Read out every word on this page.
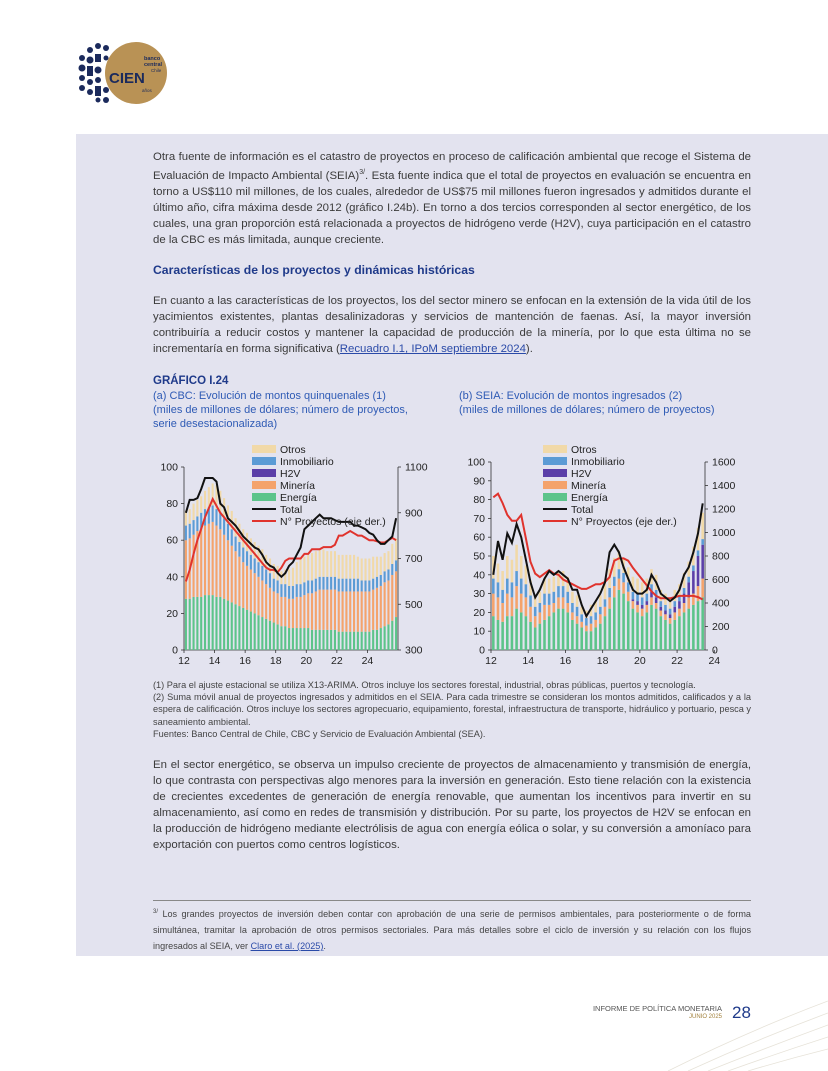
banco
central
Chile
CIEN
años

Otra fuente de información es el catastro de proyectos en proceso de calificación ambiental que recoge el Sistema de Evaluación de Impacto Ambiental (SEIA)$^{3/}$. Esta fuente indica que el total de proyectos en evaluación se encuentra en torno a US$110 mil millones, de los cuales, alrededor de US$75 mil millones fueron ingresados y admitidos durante el último año, cifra máxima desde 2012 (gráfico I.24b). En torno a dos tercios corresponden al sector energético, de los cuales, una gran proporción está relacionada a proyectos de hidrógeno verde (H2V), cuya participación en el catastro de la CBC es más limitada, aunque creciente.

Características de los proyectos y dinámicas históricas

En cuanto a las características de los proyectos, los del sector minero se enfocan en la extensión de la vida útil de los yacimientos existentes, plantas desalinizadoras y servicios de mantención de faenas. Así, la mayor inversión contribuiría a reducir costos y mantener la capacidad de producción de la minería, por lo que esta última no se incrementaría en forma significativa (Recuadro I.1, IPoM septiembre 2024).

GRÁFICO I.24
(a) CBC: Evolución de montos quinquenales (1)
(miles de millones de dólares; número de proyectos,
serie desestacionalizada)
(b) SEIA: Evolución de montos ingresados (2)
(miles de millones de dólares; número de proyectos)
0
20
40
60
80
100
300
500
700
900
1100
12 14 16 18 20 22 24
Otros
Inmobiliario
H2V
Minería
Energía
Total
N° Proyectos (eje der.)
0
10
20
30
40
50
60
70
80
90
100
0
200
400
600
800
1000
1200
1400
1600
12 14 16 18 20 22 24
Otros
Inmobiliario
H2V
Minería
Energía
Total
N° Proyectos (eje der.)
(1) Para el ajuste estacional se utiliza X13-ARIMA. Otros incluye los sectores forestal, industrial, obras públicas, puertos y tecnología.
(2) Suma móvil anual de proyectos ingresados y admitidos en el SEIA. Para cada trimestre se consideran los montos admitidos, calificados y a la espera de calificación. Otros incluye los sectores agropecuario, equipamiento, forestal, infraestructura de transporte, hidráulico y portuario, pesca y saneamiento ambiental.
Fuentes: Banco Central de Chile, CBC y Servicio de Evaluación Ambiental (SEA).

En el sector energético, se observa un impulso creciente de proyectos de almacenamiento y transmisión de energía, lo que contrasta con perspectivas algo menores para la inversión en generación. Esto tiene relación con la existencia de crecientes excedentes de generación de energía renovable, que aumentan los incentivos para invertir en su almacenamiento, así como en redes de transmisión y distribución. Por su parte, los proyectos de H2V se enfocan en la producción de hidrógeno mediante electrólisis de agua con energía eólica o solar, y su conversión a amoníaco para exportación con puertos como centros logísticos.

$^{3/}$ Los grandes proyectos de inversión deben contar con aprobación de una serie de permisos ambientales, para posteriormente o de forma simultánea, tramitar la aprobación de otros permisos sectoriales. Para más detalles sobre el ciclo de inversión y su relación con los flujos ingresados al SEIA, ver Claro et al. (2025).
INFORME DE POLÍTICA MONETARIA
JUNIO 2025 28
